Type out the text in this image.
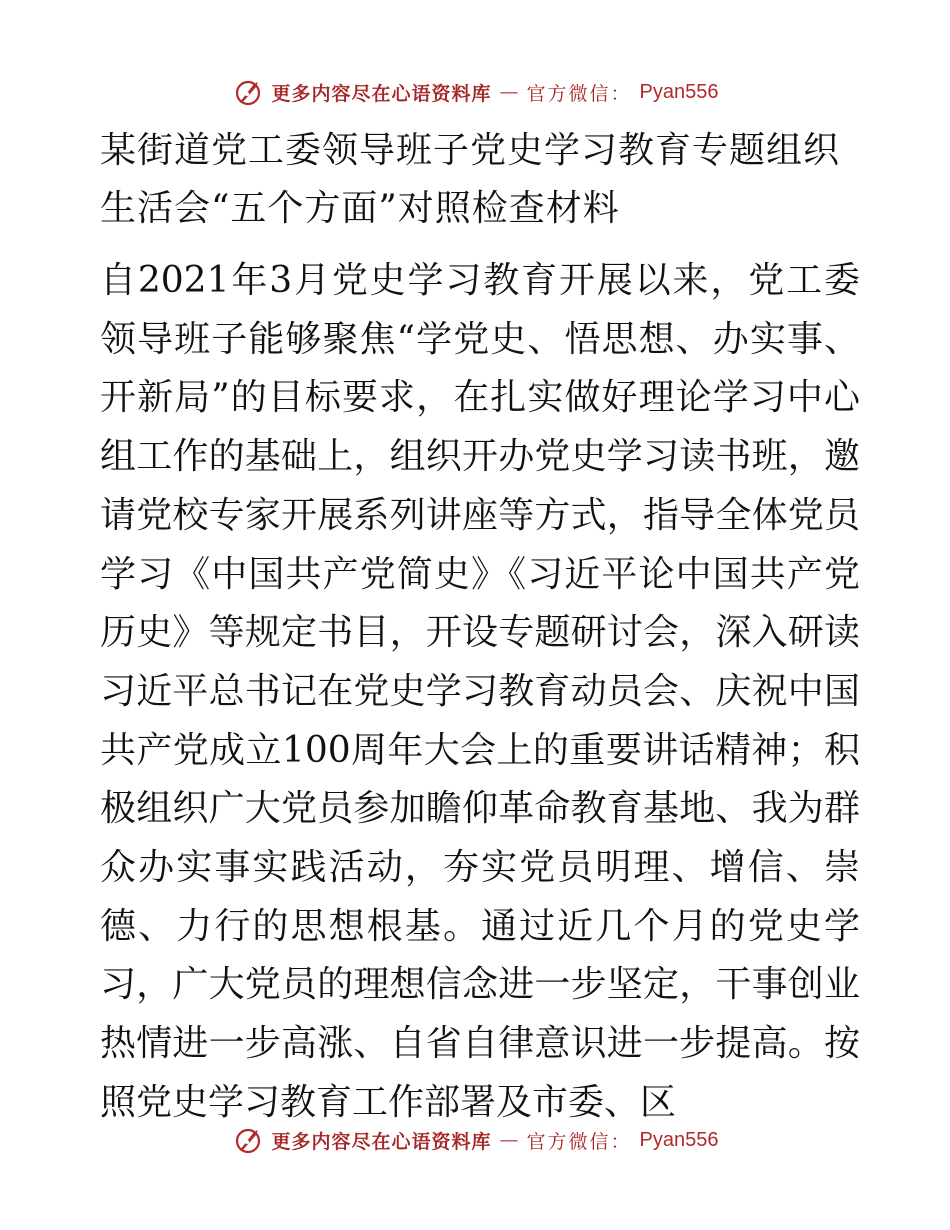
更多内容尽在心语资料库 — 官方微信： Pyan556
某街道党工委领导班子党史学习教育专题组织生活会“五个方面”对照检查材料

自2021年3月党史学习教育开展以来，党工委领导班子能够聚焦“学党史、悟思想、办实事、开新局”的目标要求，在扎实做好理论学习中心组工作的基础上，组织开办党史学习读书班，邀请党校专家开展系列讲座等方式，指导全体党员学习《中国共产党简史》《习近平论中国共产党历史》等规定书目，开设专题研讨会，深入研读习近平总书记在党史学习教育动员会、庆祝中国共产党成立100周年大会上的重要讲话精神；积极组织广大党员参加瞻仰革命教育基地、我为群众办实事实践活动，夯实党员明理、增信、崇德、力行的思想根基。通过近几个月的党史学习，广大党员的理想信念进一步坚定，干事创业热情进一步高涨、自省自律意识进一步提高。按照党史学习教育工作部署及市委、区

更多内容尽在心语资料库 — 官方微信： Pyan556
